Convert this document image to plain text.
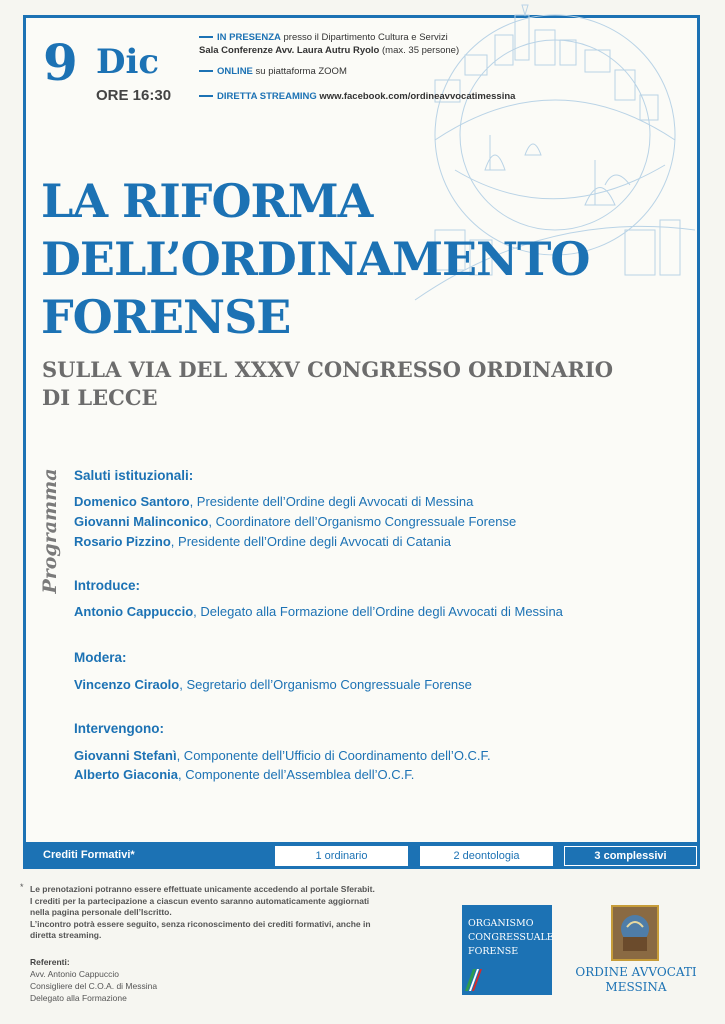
9 Dic
ORE 16:30
IN PRESENZA presso il Dipartimento Cultura e Servizi
Sala Conferenze Avv. Laura Autru Ryolo (max. 35 persone)
ONLINE su piattaforma ZOOM
DIRETTA STREAMING www.facebook.com/ordineavvocatimessina
LA RIFORMA
DELL’ORDINAMENTO
FORENSE
SULLA VIA DEL XXXV CONGRESSO ORDINARIO
DI LECCE
Programma Saluti istituzionali:
Domenico Santoro, Presidente dell’Ordine degli Avvocati di Messina
Giovanni Malinconico, Coordinatore dell’Organismo Congressuale Forense
Rosario Pizzino, Presidente dell’Ordine degli Avvocati di Catania
Introduce:
Antonio Cappuccio, Delegato alla Formazione dell’Ordine degli Avvocati di Messina
Modera:
Vincenzo Ciraolo, Segretario dell’Organismo Congressuale Forense
Intervengono:
Giovanni Stefanì, Componente dell’Ufficio di Coordinamento dell’O.C.F.
Alberto Giaconia, Componente dell’Assemblea dell’O.C.F.
Crediti Formativi*	1 ordinario	2 deontologia	3 complessivi
* Le prenotazioni potranno essere effettuate unicamente accedendo al portale Sferabit.

I crediti per la partecipazione a ciascun evento saranno automaticamente aggiornati

nella pagina personale dell’Iscritto.

L’incontro potrà essere seguito, senza riconoscimento dei crediti formativi, anche in

diretta streaming.

Referenti:
Avv. Antonio Cappuccio
Consigliere del C.O.A. di Messina
Delegato alla Formazione
ORGANISMO
CONGRESSUALE
FORENSE
ORDINE AVVOCATI
MESSINA
